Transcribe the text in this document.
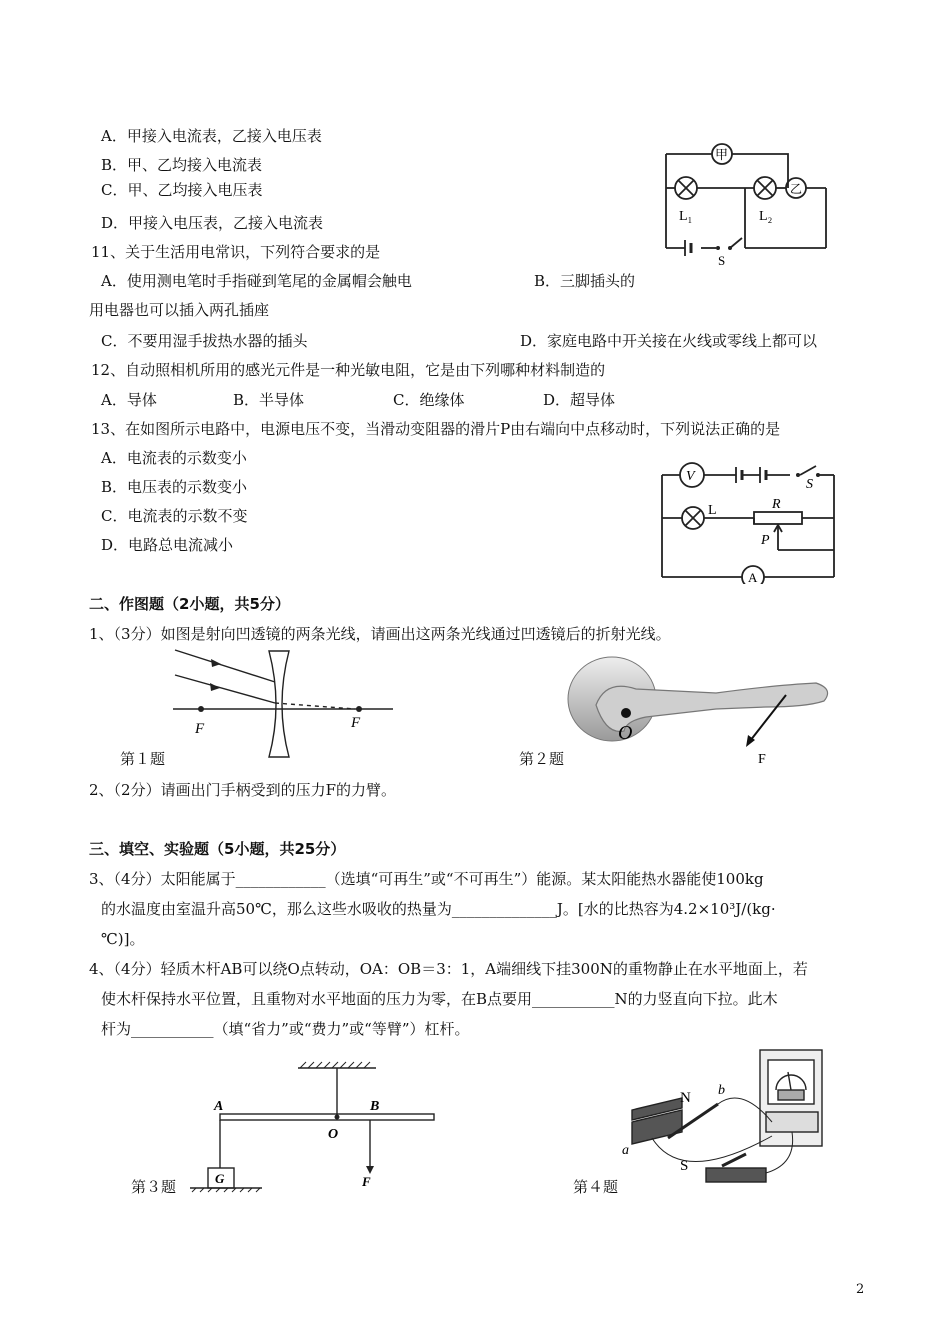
A．甲接入电流表，乙接入电压表
B．甲、乙均接入电流表
C．甲、乙均接入电压表
D．甲接入电压表，乙接入电流表
甲
乙
L₁	L₂
S
11、关于生活用电常识，下列符合要求的是
A．使用测电笔时手指碰到笔尾的金属帽会触电	B．三脚插头的
用电器也可以插入两孔插座
C．不要用湿手拔热水器的插头	D．家庭电路中开关接在火线或零线上都可以
12、自动照相机所用的感光元件是一种光敏电阻，它是由下列哪种材料制造的
A．导体	B．半导体	C．绝缘体	D．超导体
13、在如图所示电路中，电源电压不变，当滑动变阻器的滑片P由右端向中点移动时，下列说法正确的是
A．电流表的示数变小
B．电压表的示数变小
C．电流表的示数不变
D．电路总电流减小
V
S
L	R
P
A
二、作图题（2小题，共5分）
1、（3分）如图是射向凹透镜的两条光线，请画出这两条光线通过凹透镜后的折射光线。
F	F	O
F
第１题	第２题
2、（2分）请画出门手柄受到的压力F的力臂。
三、填空、实验题（5小题，共25分）
3、（4分）太阳能属于____________（选填“可再生”或“不可再生”）能源。某太阳能热水器能使100kg
的水温度由室温升高50℃，那么这些水吸收的热量为______________J。[水的比热容为4.2×10³J/(kg·
℃)]。
4、（4分）轻质木杆AB可以绕O点转动，OA：OB＝3：1，A端细线下挂300N的重物静止在水平地面上，若
使木杆保持水平位置，且重物对水平地面的压力为零，在B点要用___________N的力竖直向下拉。此木
杆为___________（填“省力”或“费力”或“等臂”）杠杆。
A	B
O
G	F
N
S
a
b
第３题	第４题
2
